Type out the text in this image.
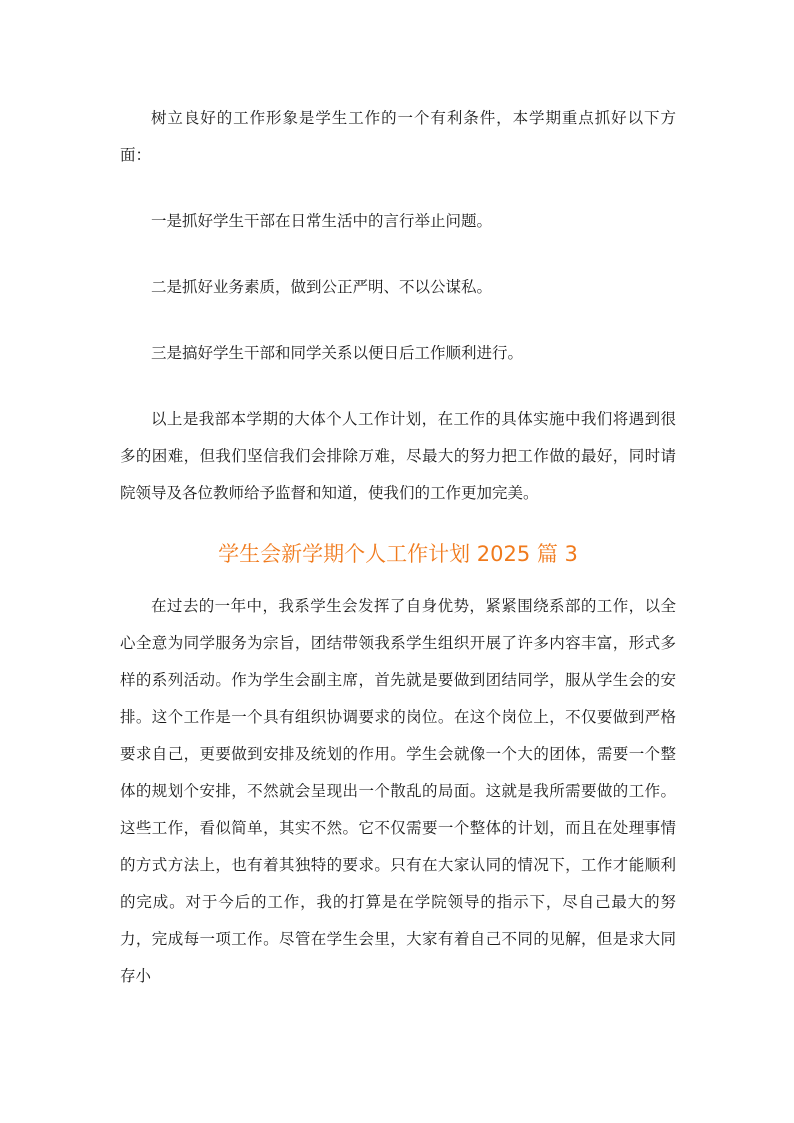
树立良好的工作形象是学生工作的一个有利条件，本学期重点抓好以下方面：

一是抓好学生干部在日常生活中的言行举止问题。

二是抓好业务素质，做到公正严明、不以公谋私。

三是搞好学生干部和同学关系以便日后工作顺利进行。

以上是我部本学期的大体个人工作计划，在工作的具体实施中我们将遇到很多的困难，但我们坚信我们会排除万难，尽最大的努力把工作做的最好，同时请院领导及各位教师给予监督和知道，使我们的工作更加完美。

学生会新学期个人工作计划 2025 篇 3

在过去的一年中，我系学生会发挥了自身优势，紧紧围绕系部的工作，以全心全意为同学服务为宗旨，团结带领我系学生组织开展了许多内容丰富，形式多样的系列活动。作为学生会副主席，首先就是要做到团结同学，服从学生会的安排。这个工作是一个具有组织协调要求的岗位。在这个岗位上，不仅要做到严格要求自己，更要做到安排及统划的作用。学生会就像一个大的团体，需要一个整体的规划个安排，不然就会呈现出一个散乱的局面。这就是我所需要做的工作。这些工作，看似简单，其实不然。它不仅需要一个整体的计划，而且在处理事情的方式方法上，也有着其独特的要求。只有在大家认同的情况下，工作才能顺利的完成。对于今后的工作，我的打算是在学院领导的指示下，尽自己最大的努力，完成每一项工作。尽管在学生会里，大家有着自己不同的见解，但是求大同存小
